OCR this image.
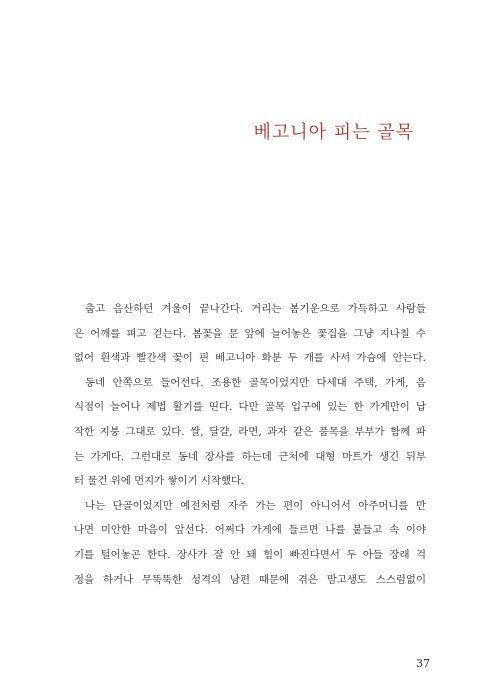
베고니아 피는 골목
춥고 음산하던 겨울이 끝나간다. 거리는 봄기운으로 가득하고 사람들
은 어깨를 펴고 걷는다. 봄꽃을 문 앞에 늘어놓은 꽃집을 그냥 지나칠 수
없어 흰색과 빨간색 꽃이 핀 베고니아 화분 두 개를 사서 가슴에 안는다.
동네 안쪽으로 들어선다. 조용한 골목이었지만 다세대 주택, 가게, 음
식점이 늘어나 제법 활기를 띤다. 다만 골목 입구에 있는 한 가게만이 납
작한 지붕 그대로 있다. 쌀, 달걀, 라면, 과자 같은 품목을 부부가 함께 파
는 가게다. 그런대로 동네 장사를 하는데 근처에 대형 마트가 생긴 뒤부
터 물건 위에 먼지가 쌓이기 시작했다.
나는 단골이었지만 예전처럼 자주 가는 편이 아니어서 아주머니를 만
나면 미안한 마음이 앞선다. 어쩌다 가게에 들르면 나를 붙들고 속 이야
기를 털어놓곤 한다. 장사가 잘 안 돼 힘이 빠진다면서 두 아들 장래 걱
정을 하거나 무뚝뚝한 성격의 남편 때문에 겪은 맘고생도 스스럼없이

37
